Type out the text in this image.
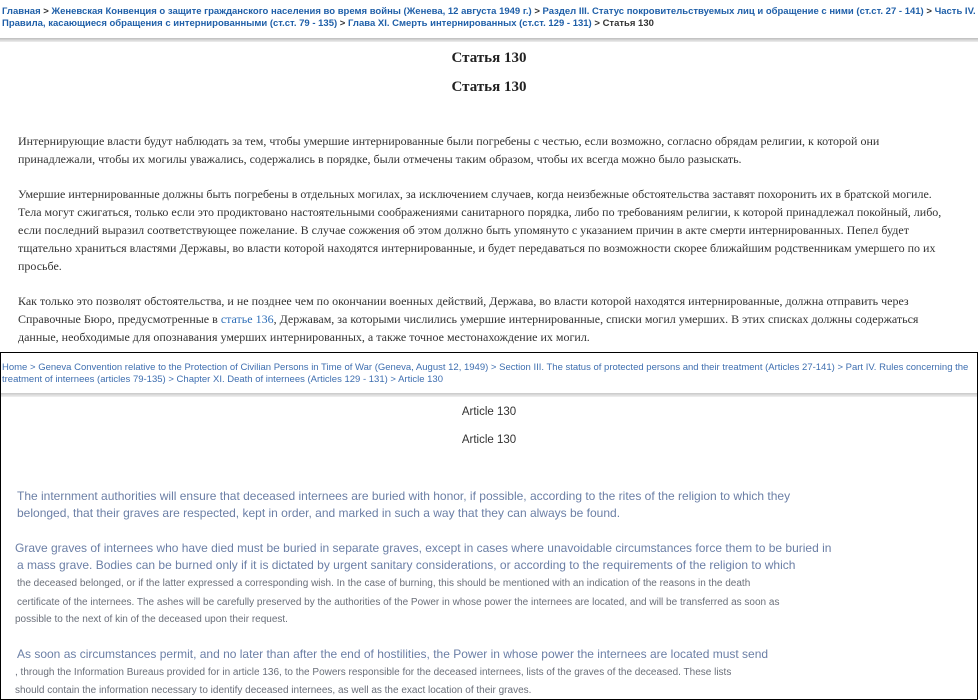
Главная > Женевская Конвенция о защите гражданского населения во время войны (Женева, 12 августа 1949 г.) > Раздел III. Статус покровительствуемых лиц и обращение с ними (ст.ст. 27 - 141) > Часть IV. Правила, касающиеся обращения с интернированными (ст.ст. 79 - 135) > Глава XI. Смерть интернированных (ст.ст. 129 - 131) > Статья 130
Статья 130
Статья 130

Интернирующие власти будут наблюдать за тем, чтобы умершие интернированные были погребены с честью, если возможно, согласно обрядам религии, к которой они принадлежали, чтобы их могилы уважались, содержались в порядке, были отмечены таким образом, чтобы их всегда можно было разыскать.

Умершие интернированные должны быть погребены в отдельных могилах, за исключением случаев, когда неизбежные обстоятельства заставят похоронить их в братской могиле. Тела могут сжигаться, только если это продиктовано настоятельными соображениями санитарного порядка, либо по требованиям религии, к которой принадлежал покойный, либо, если последний выразил соответствующее пожелание. В случае сожжения об этом должно быть упомянуто с указанием причин в акте смерти интернированных. Пепел будет тщательно храниться властями Державы, во власти которой находятся интернированные, и будет передаваться по возможности скорее ближайшим родственникам умершего по их просьбе.

Как только это позволят обстоятельства, и не позднее чем по окончании военных действий, Держава, во власти которой находятся интернированные, должна отправить через Справочные Бюро, предусмотренные в статье 136, Державам, за которыми числились умершие интернированные, списки могил умерших. В этих списках должны содержаться данные, необходимые для опознавания умерших интернированных, а также точное местонахождение их могил.

Home > Geneva Convention relative to the Protection of Civilian Persons in Time of War (Geneva, August 12, 1949) > Section III. The status of protected persons and their treatment (Articles 27-141) > Part IV. Rules concerning the treatment of internees (articles 79-135) > Chapter XI. Death of internees (Articles 129 - 131) > Article 130
Article 130
Article 130
The internment authorities will ensure that deceased internees are buried with honor, if possible, according to the rites of the religion to which they
belonged, that their graves are respected, kept in order, and marked in such a way that they can always be found.
Grave graves of internees who have died must be buried in separate graves, except in cases where unavoidable circumstances force them to be buried in
a mass grave. Bodies can be burned only if it is dictated by urgent sanitary considerations, or according to the requirements of the religion to which
the deceased belonged, or if the latter expressed a corresponding wish. In the case of burning, this should be mentioned with an indication of the reasons in the death
certificate of the internees. The ashes will be carefully preserved by the authorities of the Power in whose power the internees are located, and will be transferred as soon as
possible to the next of kin of the deceased upon their request.
As soon as circumstances permit, and no later than after the end of hostilities, the Power in whose power the internees are located must send
, through the Information Bureaus provided for in article 136, to the Powers responsible for the deceased internees, lists of the graves of the deceased. These lists
should contain the information necessary to identify deceased internees, as well as the exact location of their graves.
